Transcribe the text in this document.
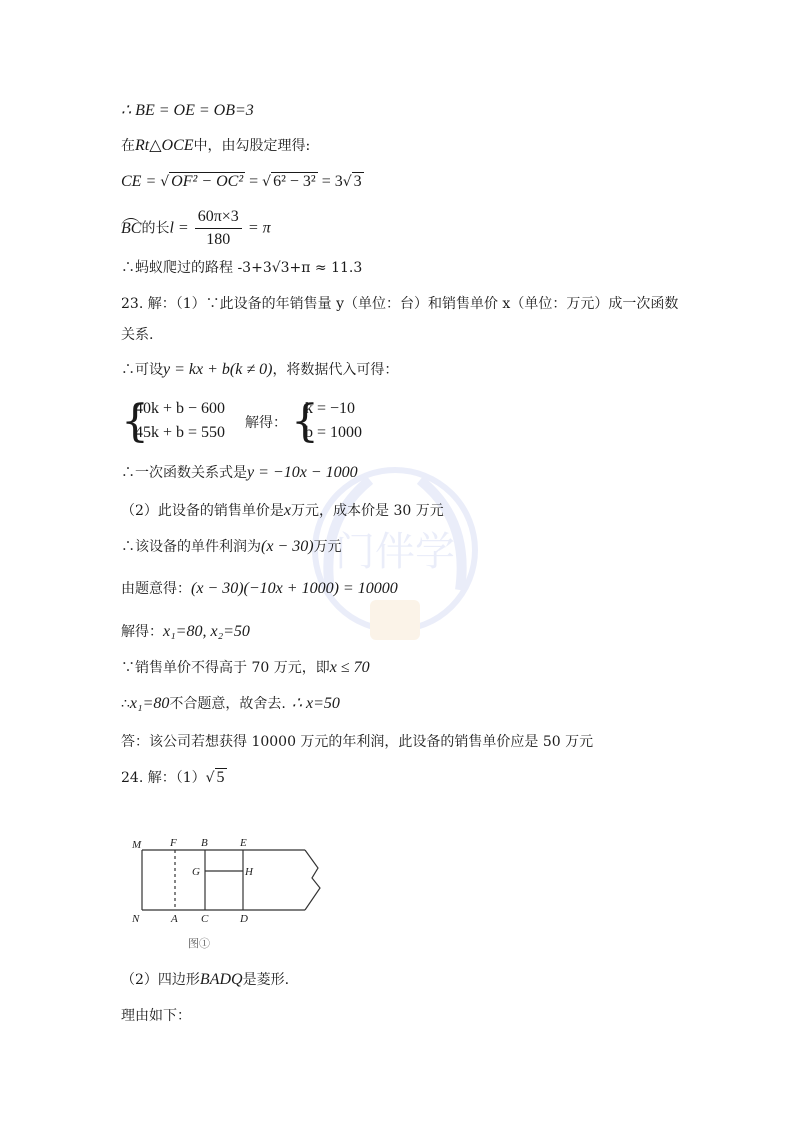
门伴学
∴ BE = OE = OB=3
在Rt△OCE中，由勾股定理得:
CE = √ OF² − OC² = √ 6² − 3² = 3√ 3
BC的长$l = \frac{60\pi\times 3}{180} = \pi$
∴蚂蚁爬过的路程 -3+3√3+π ≈ 11.3
23. 解：（1）∵此设备的年销售量 y（单位：台）和销售单价 x（单位：万元）成一次函数
关系.
∴可设y = kx + b(k ≠ 0)，将数据代入可得：
{
40k + b − 600
45k + b = 550
解得： {
k = −10
b = 1000
∴一次函数关系式是y = −10x − 1000
（2）此设备的销售单价是x万元，成本价是 30 万元
∴该设备的单件利润为(x − 30)万元
由题意得：(x − 30)(−10x + 1000) = 10000
解得：x₁=80, x₂=50
∵销售单价不得高于 70 万元，即x ≤ 70
∴x₁=80不合题意，故舍去. ∴ x=50
答：该公司若想获得 10000 万元的年利润，此设备的销售单价应是 50 万元
24. 解：（1）√ 5
M	F B	E
G	H
N	A C	D
图①
（2）四边形BADQ是菱形.
理由如下：
